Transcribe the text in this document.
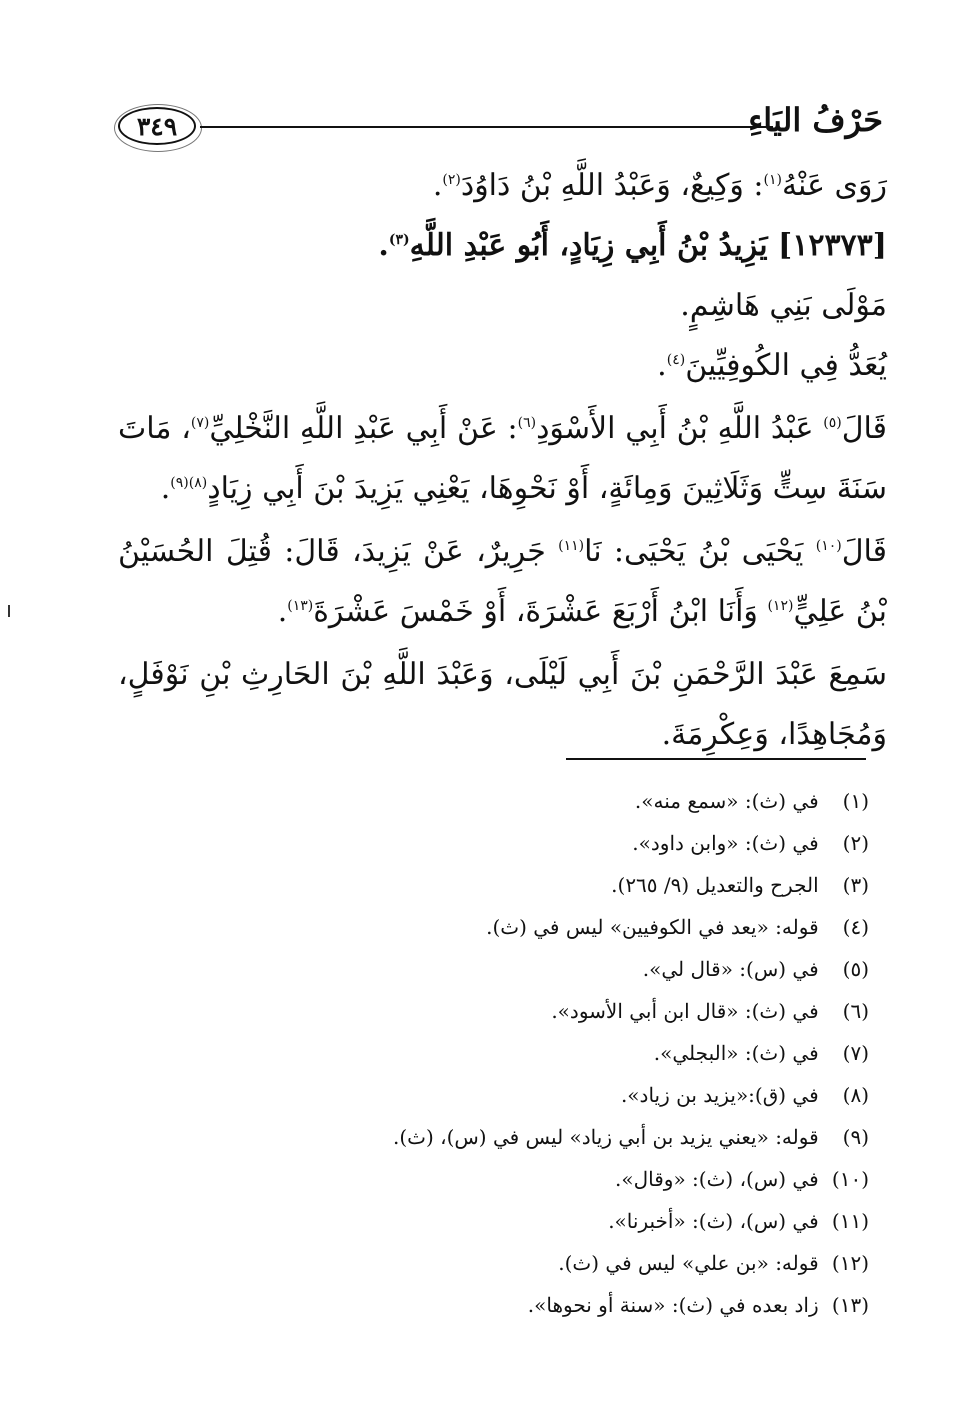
٣٤٩	حَرْفُ اليَاءِ

رَوَى عَنْهُ$^{(١)}$: وَكِيعٌ، وَعَبْدُ اللَّهِ بْنُ دَاوُدَ$^{(٢)}$.

[١٢٣٧٣] يَزِيدُ بْنُ أَبِي زِيَادٍ، أَبُو عَبْدِ اللَّهِ$^{(٣)}$.

مَوْلَى بَنِي هَاشِمٍ.

يُعَدُّ فِي الكُوفِيِّينَ$^{(٤)}$.

قَالَ$^{(٥)}$ عَبْدُ اللَّهِ بْنُ أَبِي الأَسْوَدِ$^{(٦)}$: عَنْ أَبِي عَبْدِ اللَّهِ النَّخْلِيِّ$^{(٧)}$، مَاتَ سَنَةَ سِتٍّ وَثَلَاثِينَ وَمِائَةٍ، أَوْ نَحْوِهَا، يَعْنِي يَزِيدَ بْنَ أَبِي زِيَادٍ$^{(٨)(٩)}$.

قَالَ$^{(١٠)}$ يَحْيَى بْنُ يَحْيَى: نَا$^{(١١)}$ جَرِيرٌ، عَنْ يَزِيدَ، قَالَ: قُتِلَ الحُسَيْنُ بْنُ عَلِيٍّ$^{(١٢)}$ وَأَنَا ابْنُ أَرْبَعَ عَشْرَةَ، أَوْ خَمْسَ عَشْرَةَ$^{(١٣)}$.

سَمِعَ عَبْدَ الرَّحْمَنِ بْنَ أَبِي لَيْلَى، وَعَبْدَ اللَّهِ بْنَ الحَارِثِ بْنِ نَوْفَلٍ، وَمُجَاهِدًا، وَعِكْرِمَةَ.

(١) في (ث): «سمع منه».
(٢) في (ث): «وابن داود».
(٣) الجرح والتعديل (٩/ ٢٦٥).
(٤) قوله: «يعد في الكوفيين» ليس في (ث).
(٥) في (س): «قال لي».
(٦) في (ث): «قال ابن أبي الأسود».
(٧) في (ث): «البجلي».
(٨) في (ق):«يزيد بن زياد».
(٩) قوله: «يعني يزيد بن أبي زياد» ليس في (س)، (ث).
(١٠) في (س)، (ث): «وقال».
(١١) في (س)، (ث): «أخبرنا».
(١٢) قوله: «بن علي» ليس في (ث).
(١٣) زاد بعده في (ث): «سنة أو نحوها».
